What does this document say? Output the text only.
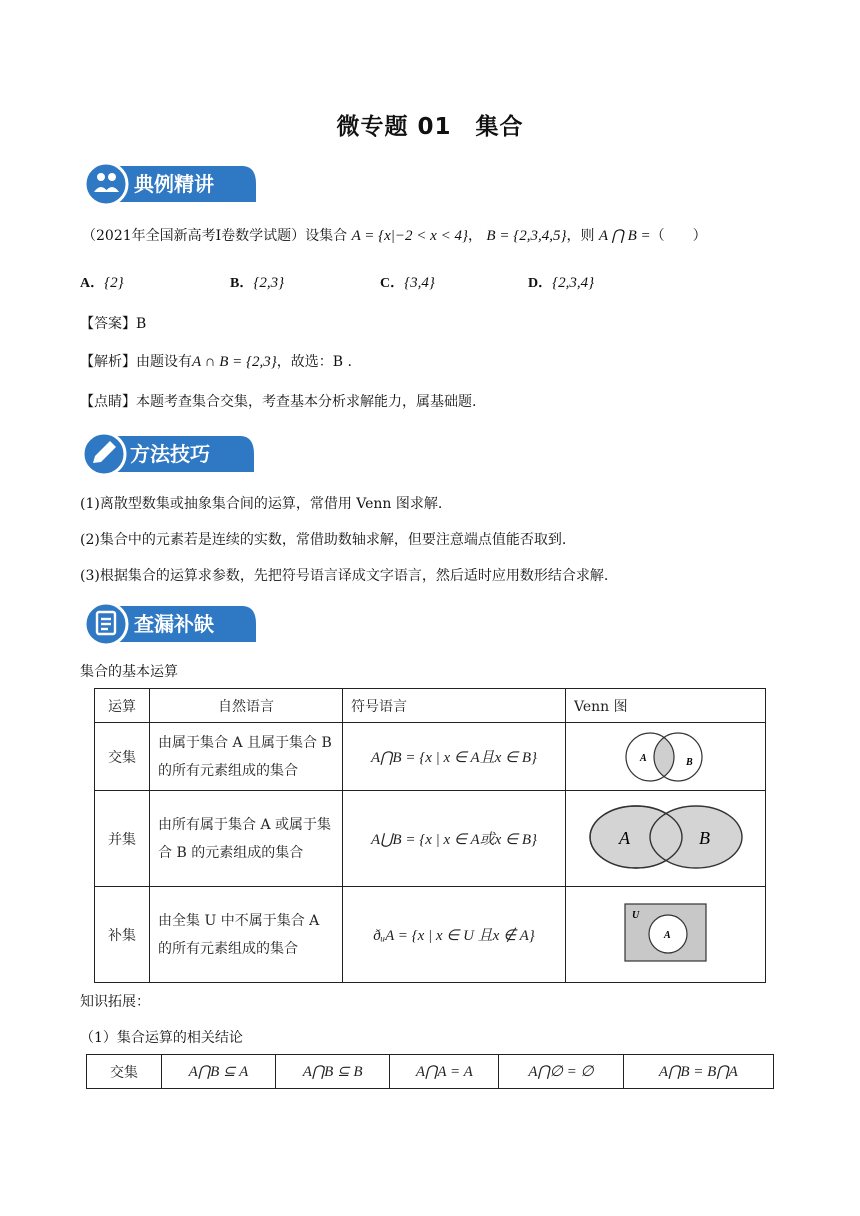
微专题 01　集合
典例精讲
（2021年全国新高考I卷数学试题）设集合 A = {x|−2 < x < 4}， B = {2,3,4,5}，则 A ⋂ B =（　　）
A．{2}	B．{2,3}	C．{3,4}	D．{2,3,4}
【答案】B
【解析】由题设有A ∩ B = {2,3}，故选：B .
【点睛】本题考查集合交集，考查基本分析求解能力，属基础题.
方法技巧
(1)离散型数集或抽象集合间的运算，常借用 Venn 图求解.
(2)集合中的元素若是连续的实数，常借助数轴求解，但要注意端点值能否取到.
(3)根据集合的运算求参数，先把符号语言译成文字语言，然后适时应用数形结合求解.
查漏补缺
集合的基本运算
运算	自然语言	符号语言	Venn 图
交集	由属于集合 A 且属于集合 B 的所有元素组成的集合	A⋂B = {x | x ∈ A且x ∈ B}	A B

并集	由所有属于集合 A 或属于集合 B 的元素组成的集合	A⋃B = {x | x ∈ A或x ∈ B}	A B

补集	由全集 U 中不属于集合 A 的所有元素组成的集合	ðᵤA = {x | x ∈ U 且x ∉ A}	U
A
知识拓展：
（1）集合运算的相关结论
交集	A⋂B ⊆ A	A⋂B ⊆ B	A⋂A = A	A⋂∅ = ∅	A⋂B = B⋂A
